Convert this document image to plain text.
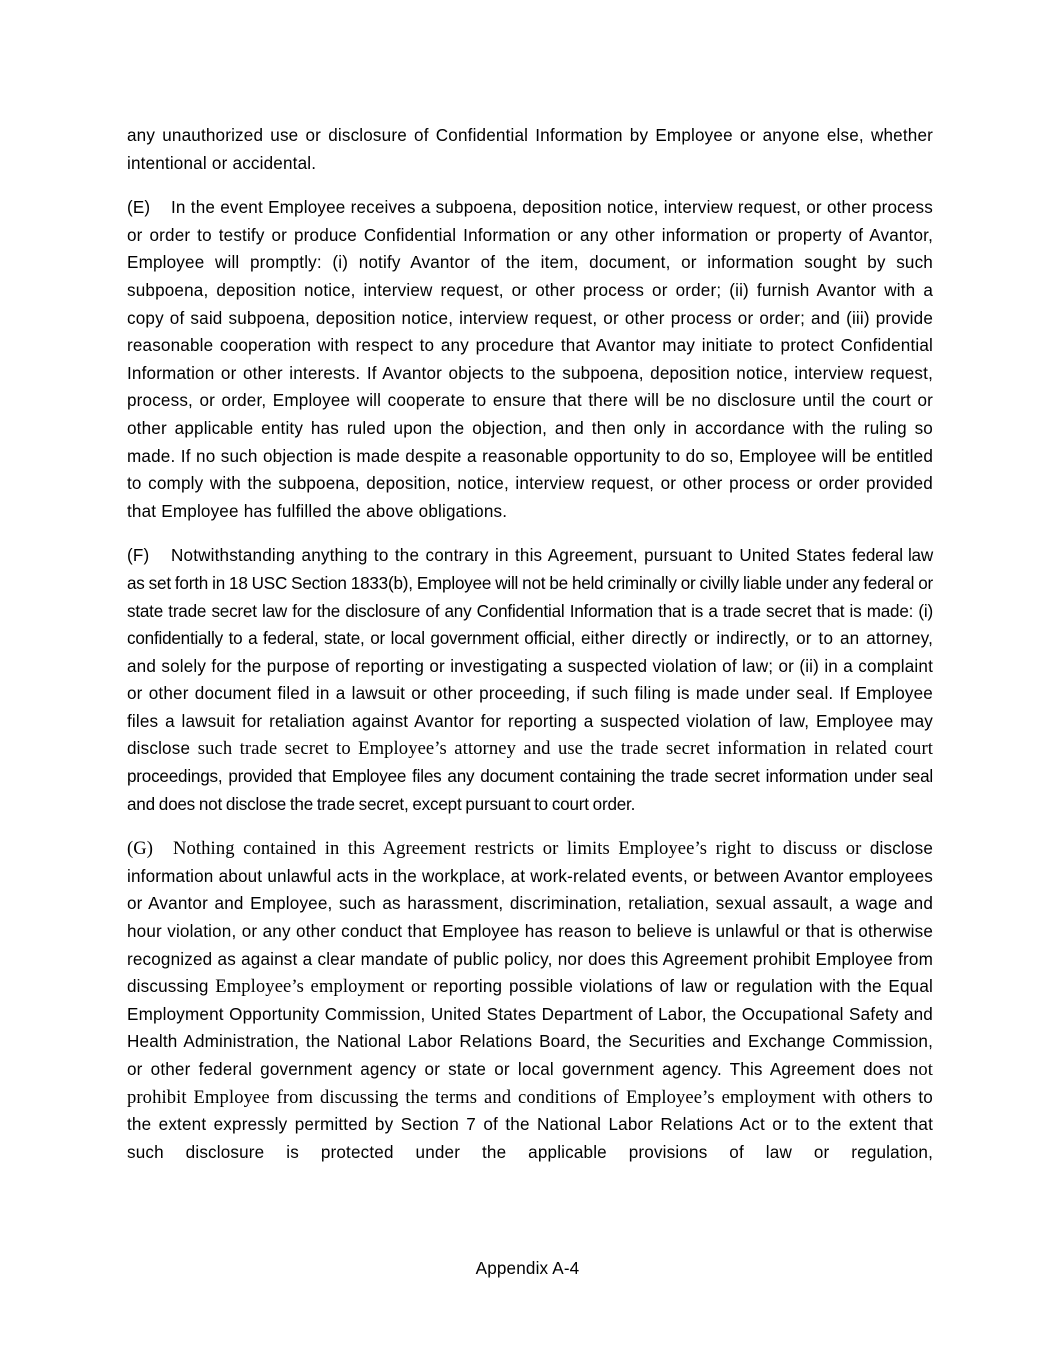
any unauthorized use or disclosure of Confidential Information by Employee or anyone else, whether intentional or accidental.

(E) In the event Employee receives a subpoena, deposition notice, interview request, or other process or order to testify or produce Confidential Information or any other information or property of Avantor, Employee will promptly: (i) notify Avantor of the item, document, or information sought by such subpoena, deposition notice, interview request, or other process or order; (ii) furnish Avantor with a copy of said subpoena, deposition notice, interview request, or other process or order; and (iii) provide reasonable cooperation with respect to any procedure that Avantor may initiate to protect Confidential Information or other interests. If Avantor objects to the subpoena, deposition notice, interview request, process, or order, Employee will cooperate to ensure that there will be no disclosure until the court or other applicable entity has ruled upon the objection, and then only in accordance with the ruling so made. If no such objection is made despite a reasonable opportunity to do so, Employee will be entitled to comply with the subpoena, deposition, notice, interview request, or other process or order provided that Employee has fulfilled the above obligations.

(F) Notwithstanding anything to the contrary in this Agreement, pursuant to United States federal law as set forth in 18 USC Section 1833(b), Employee will not be held criminally or civilly liable under any federal or state trade secret law for the disclosure of any Confidential Information that is a trade secret that is made: (i) confidentially to a federal, state, or local government official, either directly or indirectly, or to an attorney, and solely for the purpose of reporting or investigating a suspected violation of law; or (ii) in a complaint or other document filed in a lawsuit or other proceeding, if such filing is made under seal. If Employee files a lawsuit for retaliation against Avantor for reporting a suspected violation of law, Employee may disclose such trade secret to Employee’s attorney and use the trade secret information in related court proceedings, provided that Employee files any document containing the trade secret information under seal and does not disclose the trade secret, except pursuant to court order.

(G) Nothing contained in this Agreement restricts or limits Employee’s right to discuss or disclose information about unlawful acts in the workplace, at work-related events, or between Avantor employees or Avantor and Employee, such as harassment, discrimination, retaliation, sexual assault, a wage and hour violation, or any other conduct that Employee has reason to believe is unlawful or that is otherwise recognized as against a clear mandate of public policy, nor does this Agreement prohibit Employee from discussing Employee’s employment or reporting possible violations of law or regulation with the Equal Employment Opportunity Commission, United States Department of Labor, the Occupational Safety and Health Administration, the National Labor Relations Board, the Securities and Exchange Commission, or other federal government agency or state or local government agency. This Agreement does not prohibit Employee from discussing the terms and conditions of Employee’s employment with others to the extent expressly permitted by Section 7 of the National Labor Relations Act or to the extent that such disclosure is protected under the applicable provisions of law or regulation,

Appendix A-4
